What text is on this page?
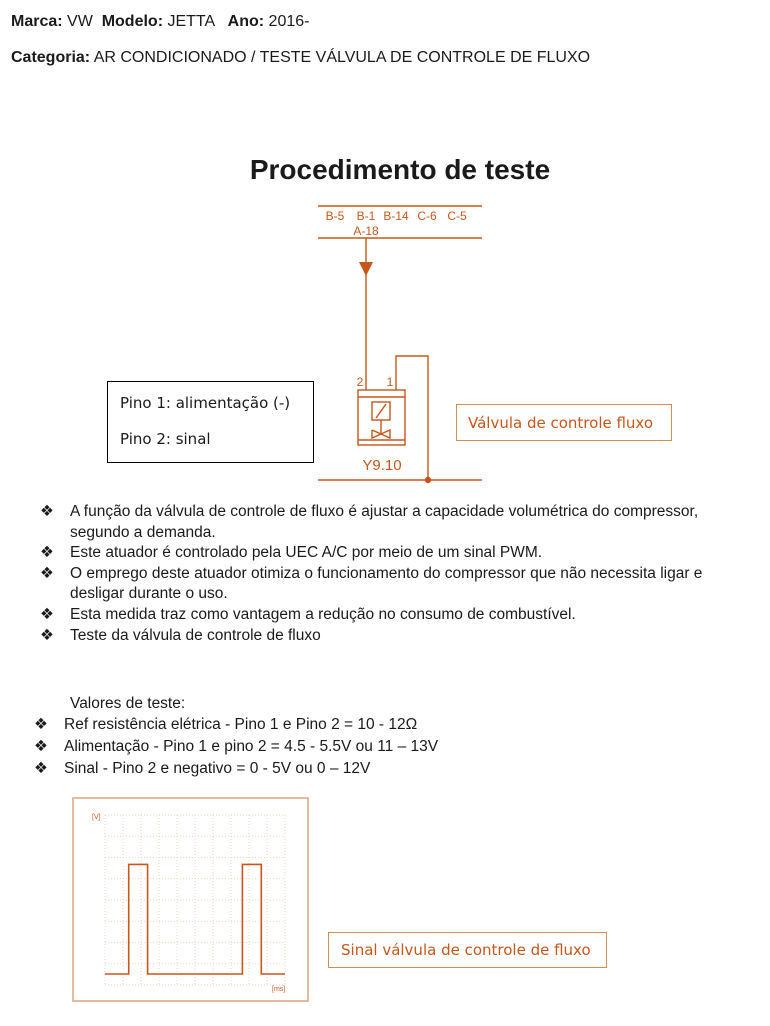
Marca: VW Modelo: JETTA Ano: 2016-
Categoria: AR CONDICIONADO / TESTE VÁLVULA DE CONTROLE DE FLUXO
Procedimento de teste
B-5 B-1 B-14 C-6 C-5
A-18
2 1
Y9.10
Pino 1: alimentação (-)
Pino 2: sinal
Válvula de controle fluxo
❖ A função da válvula de controle de fluxo é ajustar a capacidade volumétrica do compressor, segundo a demanda.
❖ Este atuador é controlado pela UEC A/C por meio de um sinal PWM.
❖ O emprego deste atuador otimiza o funcionamento do compressor que não necessita ligar e desligar durante o uso.
❖ Esta medida traz como vantagem a redução no consumo de combustível.
❖ Teste da válvula de controle de fluxo
Valores de teste:
❖ Ref resistência elétrica - Pino 1 e Pino 2 = 10 - 12Ω
❖ Alimentação - Pino 1 e pino 2 = 4.5 - 5.5V ou 11 – 13V
❖ Sinal - Pino 2 e negativo = 0 - 5V ou 0 – 12V
[V]
[ms]
Sinal válvula de controle de fluxo
